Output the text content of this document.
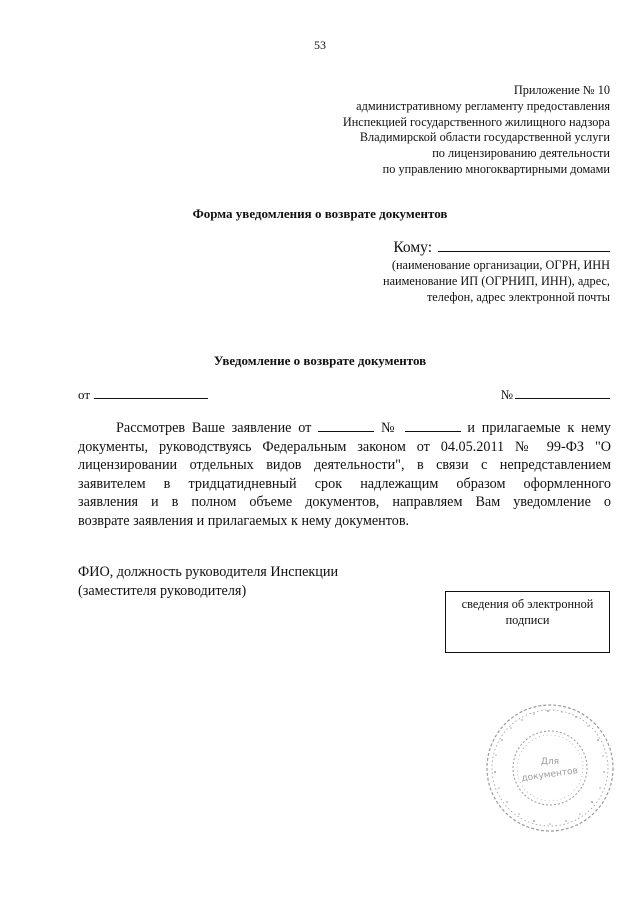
53
Приложение № 10
административному регламенту предоставления
Инспекцией государственного жилищного надзора
Владимирской области государственной услуги
по лицензированию деятельности
по управлению многоквартирными домами
Форма уведомления о возврате документов
Кому:
(наименование организации, ОГРН, ИНН
наименование ИП (ОГРНИП, ИНН), адрес,
телефон, адрес электронной почты
Уведомление о возврате документов
от	№
Рассмотрев Ваше заявление от	№	и прилагаемые к нему
документы, руководствуясь Федеральным законом от 04.05.2011 № 99-ФЗ "О
лицензировании отдельных видов деятельности", в связи с непредставлением
заявителем в тридцатидневный срок надлежащим образом оформленного
заявления и в полном объеме документов, направляем Вам уведомление о
возврате заявления и прилагаемых к нему документов.
ФИО, должность руководителя Инспекции
(заместителя руководителя)
сведения об электронной
подписи
Для
документов
